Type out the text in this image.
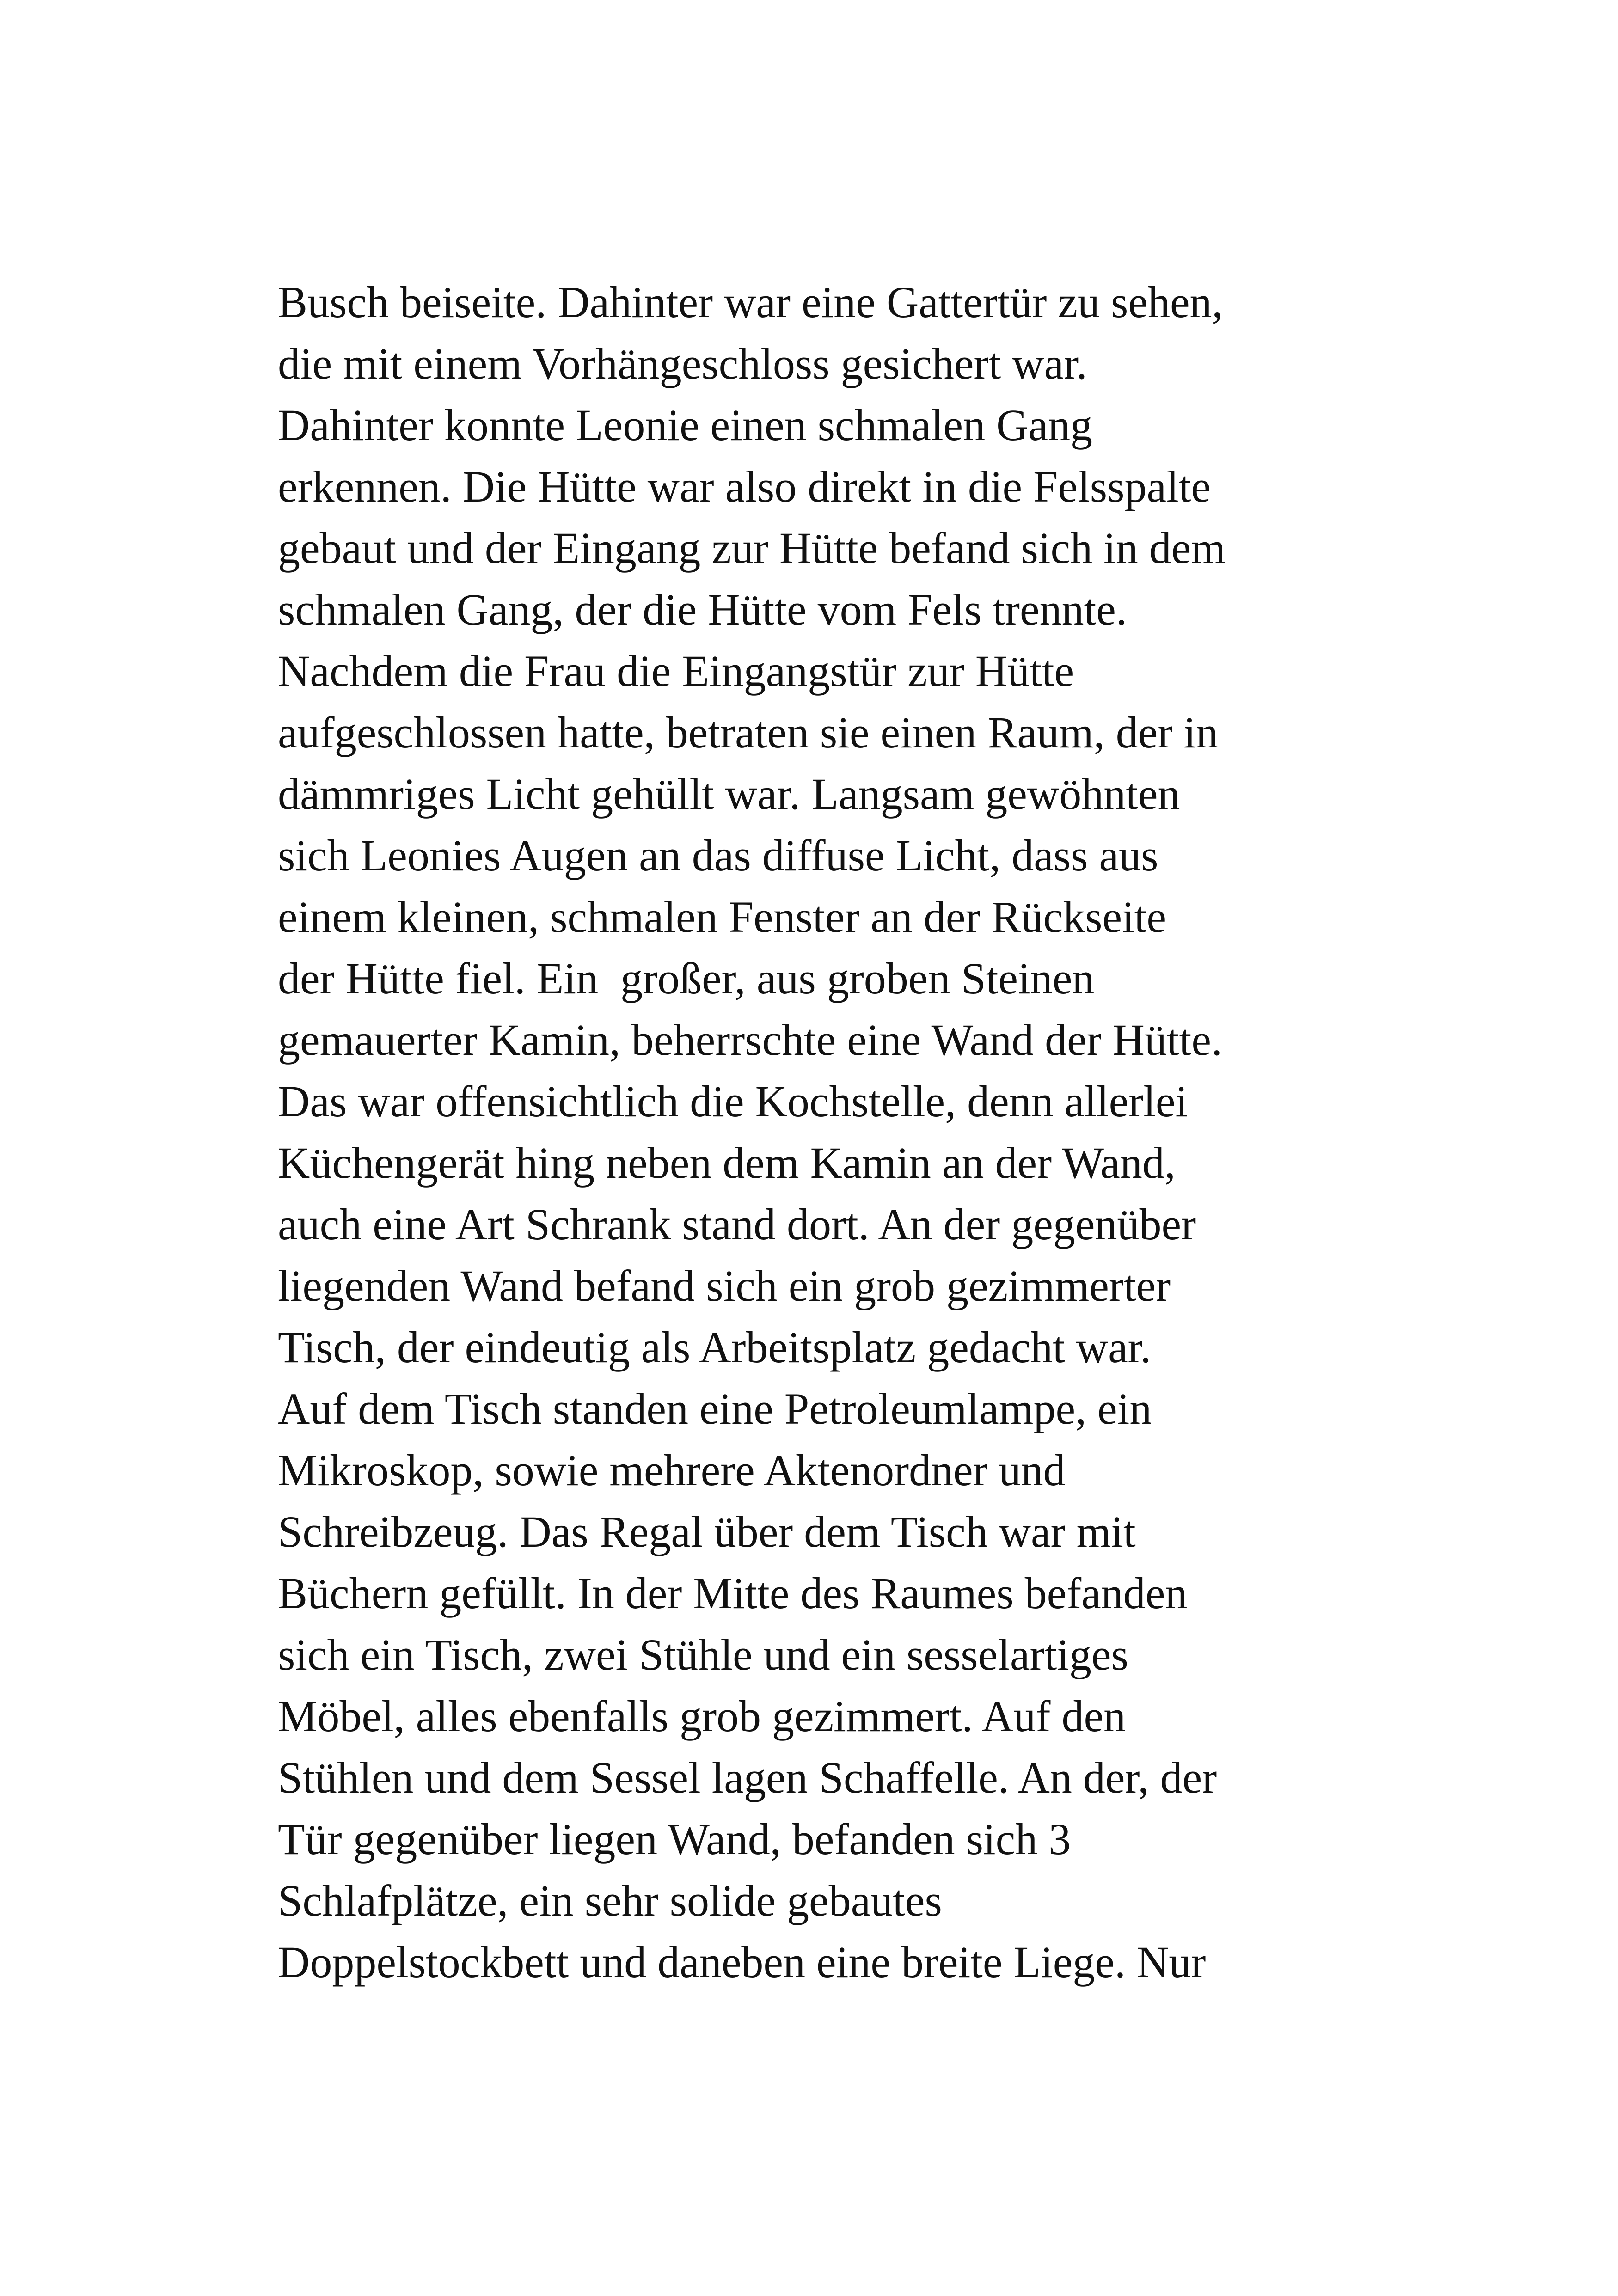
Busch beiseite. Dahinter war eine Gattertür zu sehen,
die mit einem Vorhängeschloss gesichert war.
Dahinter konnte Leonie einen schmalen Gang
erkennen. Die Hütte war also direkt in die Felsspalte
gebaut und der Eingang zur Hütte befand sich in dem
schmalen Gang, der die Hütte vom Fels trennte.
Nachdem die Frau die Eingangstür zur Hütte
aufgeschlossen hatte, betraten sie einen Raum, der in
dämmriges Licht gehüllt war. Langsam gewöhnten
sich Leonies Augen an das diffuse Licht, dass aus
einem kleinen, schmalen Fenster an der Rückseite
der Hütte fiel. Ein  großer, aus groben Steinen
gemauerter Kamin, beherrschte eine Wand der Hütte.
Das war offensichtlich die Kochstelle, denn allerlei
Küchengerät hing neben dem Kamin an der Wand,
auch eine Art Schrank stand dort. An der gegenüber
liegenden Wand befand sich ein grob gezimmerter
Tisch, der eindeutig als Arbeitsplatz gedacht war.
Auf dem Tisch standen eine Petroleumlampe, ein
Mikroskop, sowie mehrere Aktenordner und
Schreibzeug. Das Regal über dem Tisch war mit
Büchern gefüllt. In der Mitte des Raumes befanden
sich ein Tisch, zwei Stühle und ein sesselartiges
Möbel, alles ebenfalls grob gezimmert. Auf den
Stühlen und dem Sessel lagen Schaffelle. An der, der
Tür gegenüber liegen Wand, befanden sich 3
Schlafplätze, ein sehr solide gebautes
Doppelstockbett und daneben eine breite Liege. Nur
